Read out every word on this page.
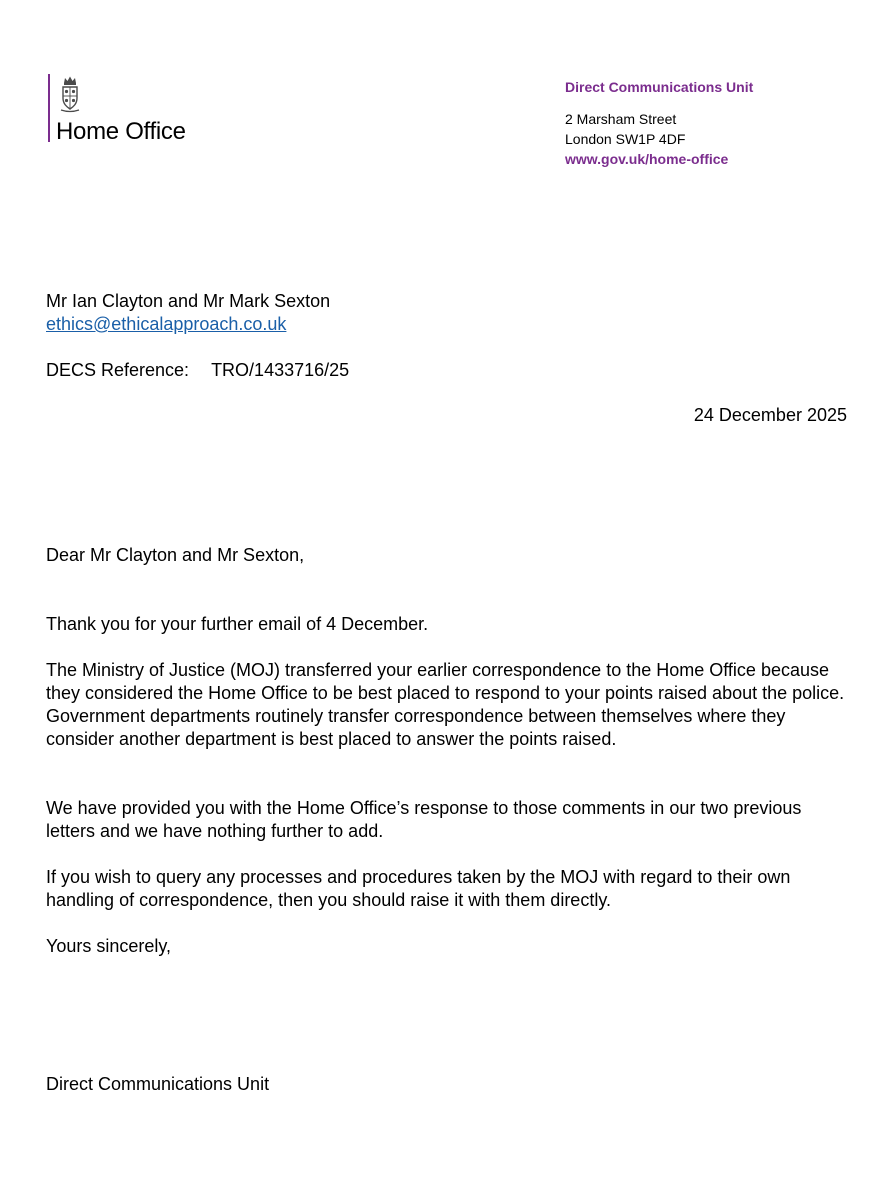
Home Office

Direct Communications Unit

2 Marsham Street

London SW1P 4DF

www.gov.uk/home-office

Mr Ian Clayton and Mr Mark Sexton
ethics@ethicalapproach.co.uk
DECS Reference: TRO/1433716/25
24 December 2025

Dear Mr Clayton and Mr Sexton,

Thank you for your further email of 4 December.

The Ministry of Justice (MOJ) transferred your earlier correspondence to the Home Office because they considered the Home Office to be best placed to respond to your points raised about the police. Government departments routinely transfer correspondence between themselves where they consider another department is best placed to answer the points raised.

We have provided you with the Home Office’s response to those comments in our two previous letters and we have nothing further to add.

If you wish to query any processes and procedures taken by the MOJ with regard to their own handling of correspondence, then you should raise it with them directly.

Yours sincerely,

Direct Communications Unit
